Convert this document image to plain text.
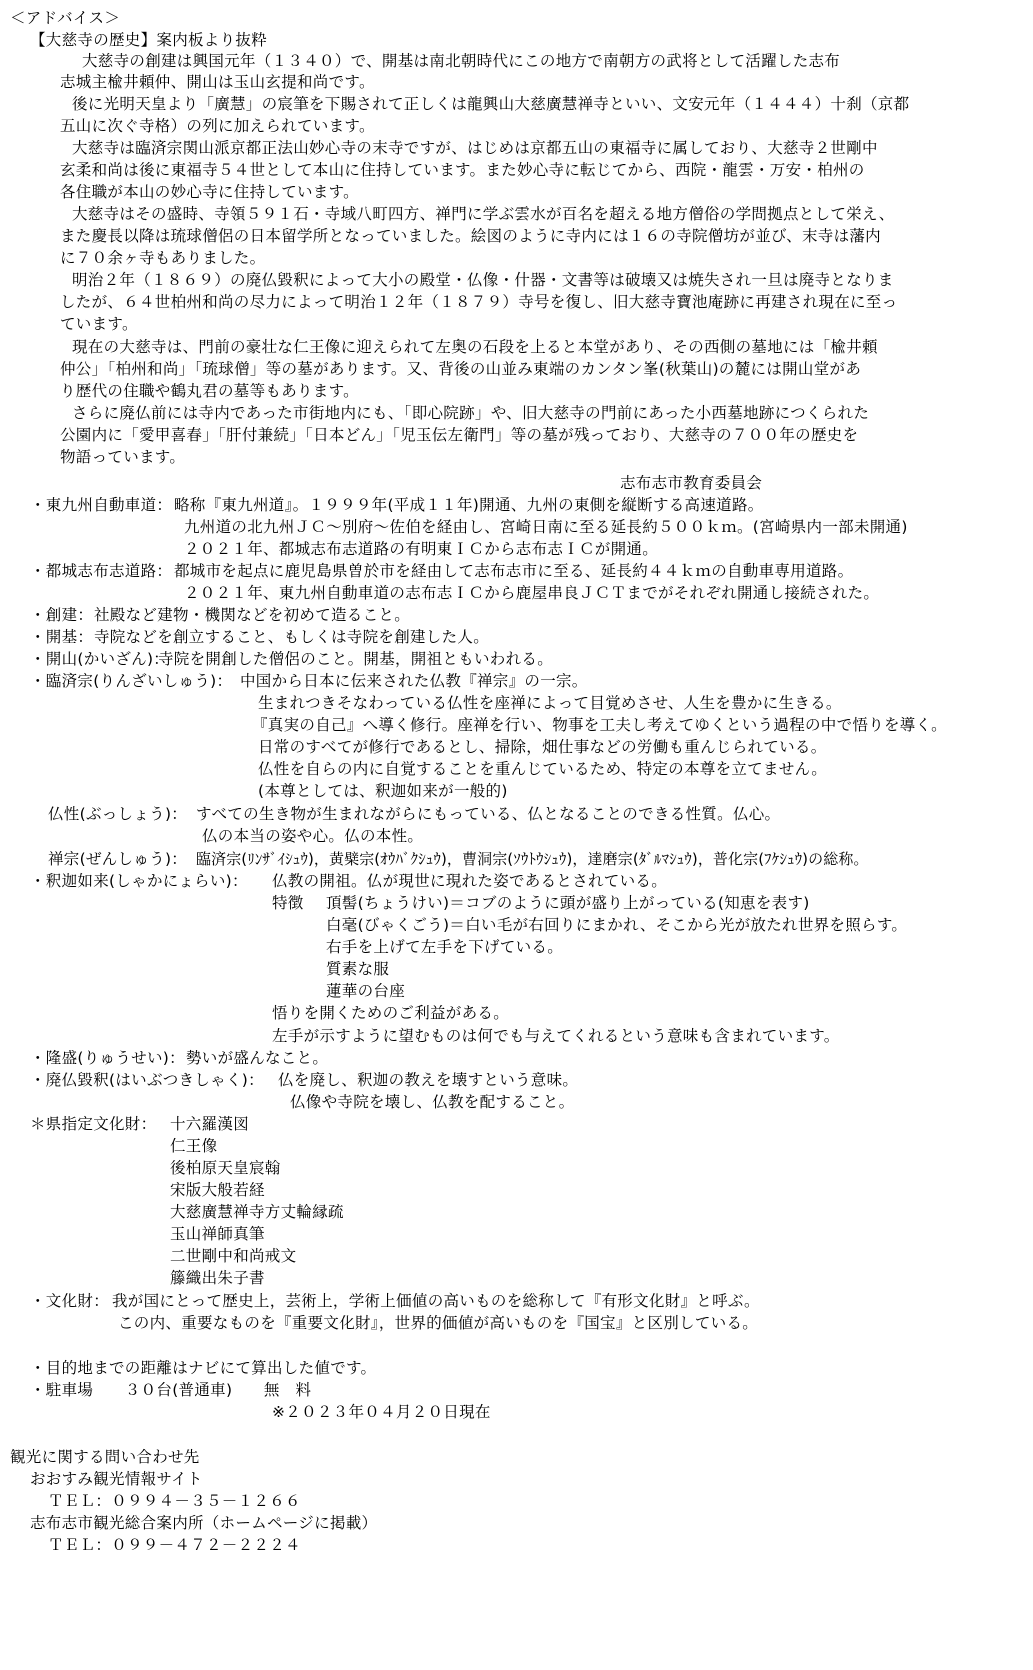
＜アドバイス＞
【大慈寺の歴史】案内板より抜粋
大慈寺の創建は興国元年（１３４０）で、開基は南北朝時代にこの地方で南朝方の武将として活躍した志布
志城主楡井頼仲、開山は玉山玄提和尚です。
後に光明天皇より「廣慧」の宸筆を下賜されて正しくは龍興山大慈廣慧禅寺といい、文安元年（１４４４）十刹（京都
五山に次ぐ寺格）の列に加えられています。
大慈寺は臨済宗関山派京都正法山妙心寺の末寺ですが、はじめは京都五山の東福寺に属しており、大慈寺２世剛中
玄柔和尚は後に東福寺５４世として本山に住持しています。また妙心寺に転じてから、西院・龍雲・万安・柏州の
各住職が本山の妙心寺に住持しています。
大慈寺はその盛時、寺領５９１石・寺域八町四方、禅門に学ぶ雲水が百名を超える地方僧俗の学問拠点として栄え、
また慶長以降は琉球僧侶の日本留学所となっていました。絵図のように寺内には１６の寺院僧坊が並び、末寺は藩内
に７０余ヶ寺もありました。
明治２年（１８６９）の廃仏毀釈によって大小の殿堂・仏像・什器・文書等は破壊又は焼失され一旦は廃寺となりま
したが、６４世柏州和尚の尽力によって明治１２年（１８７９）寺号を復し、旧大慈寺寶池庵跡に再建され現在に至っ
ています。
現在の大慈寺は、門前の豪壮な仁王像に迎えられて左奥の石段を上ると本堂があり、その西側の墓地には「楡井頼
仲公」「柏州和尚」「琉球僧」等の墓があります。又、背後の山並み東端のカンタン峯(秋葉山)の麓には開山堂があ
り歴代の住職や鶴丸君の墓等もあります。
さらに廃仏前には寺内であった市街地内にも、「即心院跡」や、旧大慈寺の門前にあった小西墓地跡につくられた
公園内に「愛甲喜春」「肝付兼続」「日本どん」「児玉伝左衛門」等の墓が残っており、大慈寺の７００年の歴史を
物語っています。
志布志市教育委員会
・東九州自動車道： 略称『東九州道』。１９９９年(平成１１年)開通、九州の東側を縦断する高速道路。
九州道の北九州ＪＣ～別府～佐伯を経由し、宮崎日南に至る延長約５００ｋｍ。(宮崎県内一部未開通)
２０２１年、都城志布志道路の有明東ＩＣから志布志ＩＣが開通。
・都城志布志道路： 都城市を起点に鹿児島県曽於市を経由して志布志市に至る、延長約４４ｋｍの自動車専用道路。
２０２１年、東九州自動車道の志布志ＩＣから鹿屋串良ＪＣＴまでがそれぞれ開通し接続された。
・創建： 社殿など建物・機関などを初めて造ること。
・開基： 寺院などを創立すること、もしくは寺院を創建した人。
・開山(かいざん)：
寺院を開創した僧侶のこと。開基，開祖ともいわれる。
・臨済宗(りんざいしゅう)： 中国から日本に伝来された仏教『禅宗』の一宗。
生まれつきそなわっている仏性を座禅によって目覚めさせ、人生を豊かに生きる。
『真実の自己』へ導く修行。座禅を行い、物事を工夫し考えてゆくという過程の中で悟りを導く。
日常のすべてが修行であるとし、掃除，畑仕事などの労働も重んじられている。
仏性を自らの内に自覚することを重んじているため、特定の本尊を立てません。
(本尊としては、釈迦如来が一般的)
仏性(ぶっしょう)： すべての生き物が生まれながらにもっている、仏となることのできる性質。仏心。
仏の本当の姿や心。仏の本性。
禅宗(ぜんしゅう)： 臨済宗(ﾘﾝｻﾞｲｼｭｳ)，黄檗宗(ｵｳﾊﾞｸｼｭｳ)，曹洞宗(ｿｳﾄｳｼｭｳ)，達磨宗(ﾀﾞﾙﾏｼｭｳ)，普化宗(ﾌｹｼｭｳ)の総称。
・釈迦如来(しゃかにょらい)： 仏教の開祖。仏が現世に現れた姿であるとされている。
特徴 頂髻(ちょうけい)＝コブのように頭が盛り上がっている(知恵を表す)
白毫(びゃくごう)＝白い毛が右回りにまかれ、そこから光が放たれ世界を照らす。
右手を上げて左手を下げている。
質素な服
蓮華の台座
悟りを開くためのご利益がある。
左手が示すように望むものは何でも与えてくれるという意味も含まれています。
・隆盛(りゅうせい)： 勢いが盛んなこと。
・廃仏毀釈(はいぶつきしゃく)： 仏を廃し、釈迦の教えを壊すという意味。
仏像や寺院を壊し、仏教を配すること。
＊県指定文化財： 十六羅漢図
仁王像
後柏原天皇宸翰
宋版大般若経
大慈廣慧禅寺方丈輪縁疏
玉山禅師真筆
二世剛中和尚戒文
籐織出朱子書
・文化財： 我が国にとって歴史上，芸術上，学術上価値の高いものを総称して『有形文化財』と呼ぶ。
この内、重要なものを『重要文化財』，世界的価値が高いものを『国宝』と区別している。
・目的地までの距離はナビにて算出した値です。
・駐車場　　３０台(普通車)　　無　料
※２０２３年０４月２０日現在
観光に関する問い合わせ先
おおすみ観光情報サイト
ＴＥＬ：０９９４－３５－１２６６
志布志市観光総合案内所（ホームページに掲載）
ＴＥＬ：０９９－４７２－２２２４
